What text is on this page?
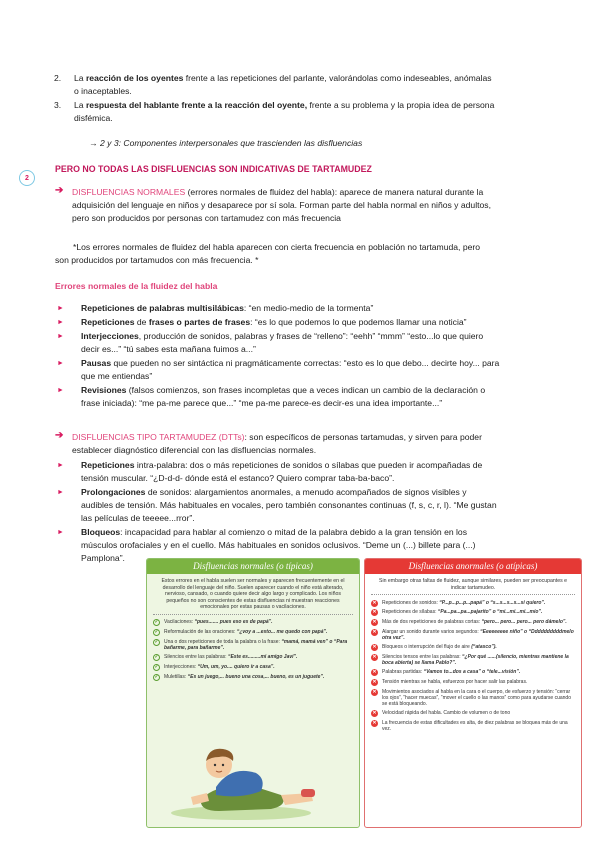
2.	La reacción de los oyentes frente a las repeticiones del parlante, valorándolas como indeseables, anómalas
o inaceptables.
3.	La respuesta del hablante frente a la reacción del oyente, frente a su problema y la propia idea de persona
disfémica.
→ 2 y 3: Componentes interpersonales que trascienden las disfluencias
2
PERO NO TODAS LAS DISFLUENCIAS SON INDICATIVAS DE TARTAMUDEZ
➔ DISFLUENCIAS NORMALES (errores normales de fluidez del habla): aparece de manera natural durante la
adquisición del lenguaje en niños y desaparece por sí sola. Forman parte del habla normal en niños y adultos,
pero son producidos por personas con tartamudez con más frecuencia
*Los errores normales de fluidez del habla aparecen con cierta frecuencia en población no tartamuda, pero
son producidos por tartamudos con más frecuencia. *
Errores normales de la fluidez del habla
► Repeticiones de palabras multisilábicas: “en medio-medio de la tormenta”
► Repeticiones de frases o partes de frases: “es lo que podemos lo que podemos llamar una noticia”
► Interjecciones, producción de sonidos, palabras y frases de “relleno”: “eehh” “mmm” “esto...lo que quiero
decir es...” “tú sabes esta mañana fuimos a...”
► Pausas que pueden no ser sintáctica ni pragmáticamente correctas: “esto es lo que debo... decirte hoy... para
que me entiendas”
► Revisiones (falsos comienzos, son frases incompletas que a veces indican un cambio de la declaración o
frase iniciada): “me pa-me parece que...” “me pa-me parece-es decir-es una idea importante...”
➔ DISFLUENCIAS TIPO TARTAMUDEZ (DTTs): son específicos de personas tartamudas, y sirven para poder
establecer diagnóstico diferencial con las disfluencias normales.
► Repeticiones intra-palabra: dos o más repeticiones de sonidos o sílabas que pueden ir acompañadas de
tensión muscular. “¿D-d-d- dónde está el estanco? Quiero comprar taba-ba-baco”.
► Prolongaciones de sonidos: alargamientos anormales, a menudo acompañados de signos visibles y
audibles de tensión. Más habituales en vocales, pero también consonantes continuas (f, s, c, r, l). “Me gustan
las películas de teeeee...rror”.
► Bloqueos: incapacidad para hablar al comienzo o mitad de la palabra debido a la gran tensión en los
músculos orofaciales y en el cuello. Más habituales en sonidos oclusivos. “Deme un (...) billete para (...)
Pamplona”.
Disfluencias normales (o típicas)
Estos errores en el habla suelen ser normales y aparecen frecuentemente en el desarrollo del lenguaje del niño. Suelen aparecer cuando el niño está alterado, nervioso, cansado, o cuando quiere decir algo largo y complicado. Los niños pequeños no son conscientes de estas disfluencias ni muestran reacciones emocionales por estas pausas o vacilaciones.
✓ Vacilaciones: “pues....... pues eso es de papá”.
✓ Reformulación de las oraciones: “¿voy a ...esto... me quedo con papá”.
✓ Una o dos repeticiones de toda la palabra o la frase: “mamá, mamá ven” o “Para bañarme, para bañarme”.
✓ Silencios entre las palabras: “Este es.........mi amigo Javi”.
✓ Interjecciones: “Um, um, yo.... quiero ir a casa”.
✓ Muletillas: “Es un juego,... bueno una cosa,... bueno, es un juguete”.
Disfluencias anormales (o atípicas)
Sin embargo otras faltas de fluidez, aunque similares, pueden ser preocupantes e indicar tartamudeo.
✕ Repeticiones de sonidos: “P...p...p...p...papá” o “s...s...s...s...si quiero”.
✕ Repeticiones de sílabas: “Pa...pa...pa...pajarito” o “mi...mi...mi...mío”.
✕ Más de dos repeticiones de palabras cortas: “pero... pero... pero... pero dámelo”.
✕ Alargar un sonido durante varios segundos: “Eeeeeeeee niño” o “Ddddddddddmelo otra vez”.
✕ Bloqueos o interrupción del flujo de aire (“atasco”).
✕ Silencios tensos entre las palabras: “¿Por qué ......(silencio, mientras mantiene la boca abierta) se llama Pablo?”.
✕ Palabras partidas: “Vamos to...dos a casa” o “tele...visión”.
✕ Tensión mientras se habla, esfuerzos por hacer salir las palabras.
✕ Movimientos asociados al habla en la cara o el cuerpo, de esfuerzo y tensión: “cerrar los ojos”, “hacer muecas”, “mover el cuello o las manos” como para ayudarse cuando se está bloqueando.
✕ Velocidad rápida del habla. Cambio de volumen o de tono
✕ La frecuencia de estas dificultades es alta, de diez palabras se bloquea más de una vez.
